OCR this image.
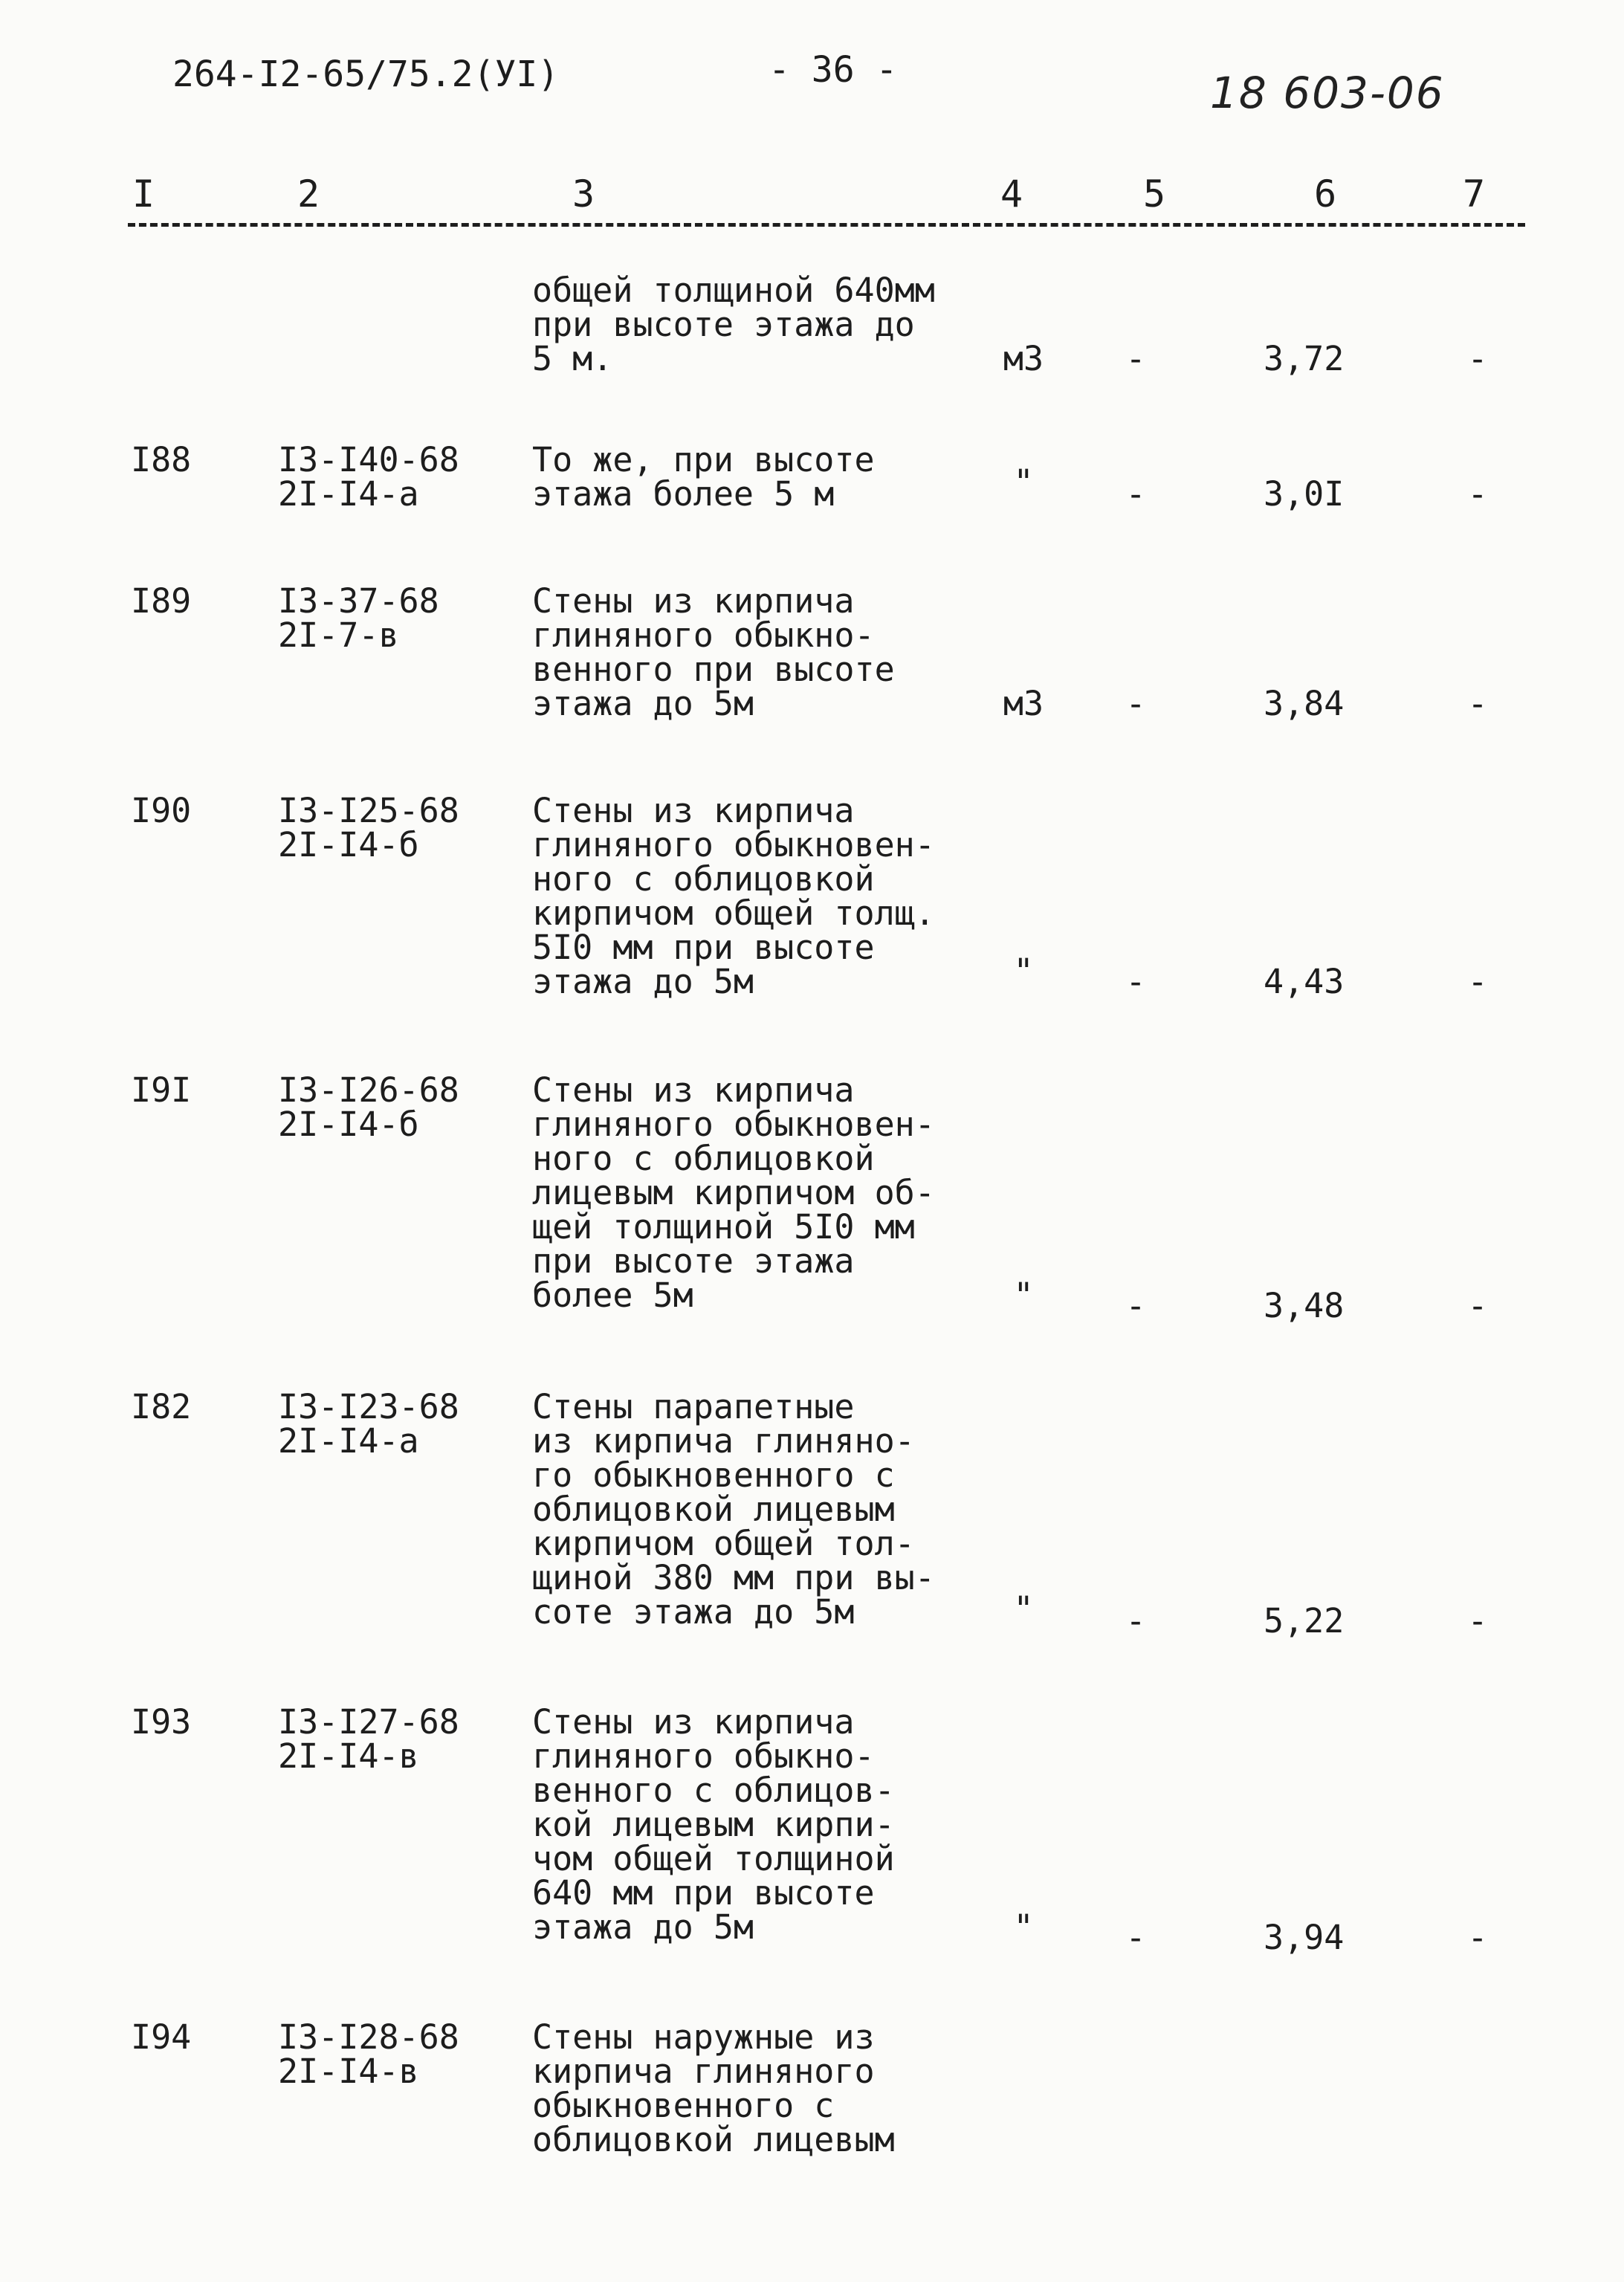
264-I2-65/75.2(УI)	- 36 -	18 603-06
I	2	3	4	5	6	7

общей толщиной 640мм
при высоте этажа до
5 м.	м3	-	3,72	-
I88	I3-I40-68
2I-I4-а
То же, при высоте
этажа более 5 м	"	-	3,0I	-
I89	I3-37-68
2I-7-в
Стены из кирпича
глиняного обыкно-
венного при высоте
этажа до 5м	м3	-	3,84	-
I90	I3-I25-68
2I-I4-б
Стены из кирпича
глиняного обыкновен-
ного с облицовкой
кирпичом общей толщ.
5I0 мм при высоте
этажа до 5м	"	-	4,43	-
I9I	I3-I26-68
2I-I4-б
Стены из кирпича
глиняного обыкновен-
ного с облицовкой
лицевым кирпичом об-
щей толщиной 5I0 мм
при высоте этажа
более 5м	"	-	3,48	-
I82	I3-I23-68
2I-I4-а
Стены парапетные
из кирпича глиняно-
го обыкновенного с
облицовкой лицевым
кирпичом общей тол-
щиной 380 мм при вы-
соте этажа до 5м	"	-	5,22	-
I93	I3-I27-68
2I-I4-в
Стены из кирпича
глиняного обыкно-
венного с облицов-
кой лицевым кирпи-
чом общей толщиной
640 мм при высоте
этажа до 5м	"	-	3,94	-
I94	I3-I28-68
2I-I4-в
Стены наружные из
кирпича глиняного
обыкновенного с
облицовкой лицевым
